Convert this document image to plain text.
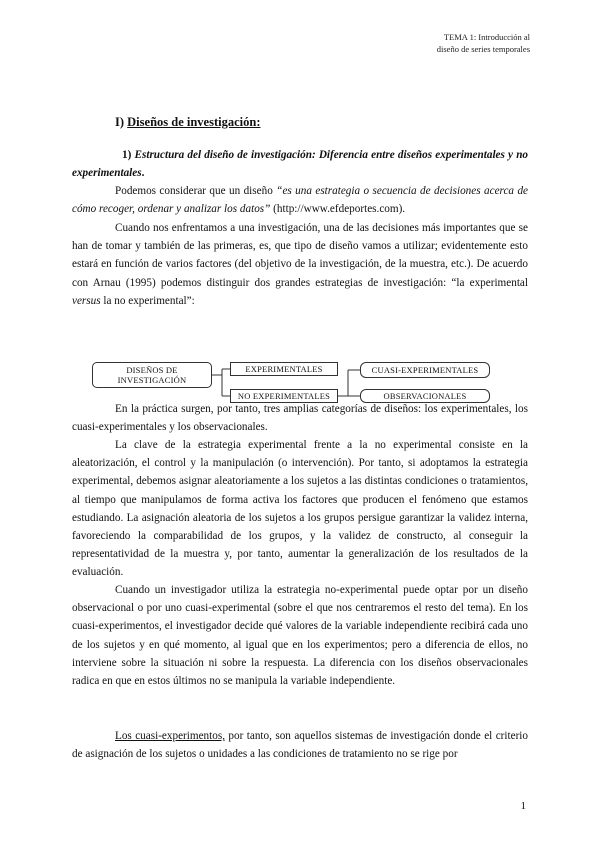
TEMA 1: Introducción al
diseño de series temporales
I) Diseños de investigación:

1) Estructura del diseño de investigación: Diferencia entre diseños experimentales y no experimentales.

Podemos considerar que un diseño “es una estrategia o secuencia de decisiones acerca de cómo recoger, ordenar y analizar los datos” (http://www.efdeportes.com).

Cuando nos enfrentamos a una investigación, una de las decisiones más importantes que se han de tomar y también de las primeras, es, que tipo de diseño vamos a utilizar; evidentemente esto estará en función de varios factores (del objetivo de la investigación, de la muestra, etc.). De acuerdo con Arnau (1995) podemos distinguir dos grandes estrategias de investigación: “la experimental versus la no experimental”:

DISEÑOS DE INVESTIGACIÓN
EXPERIMENTALES
NO EXPERIMENTALES
CUASI-EXPERIMENTALES
OBSERVACIONALES

En la práctica surgen, por tanto, tres amplias categorías de diseños: los experimentales, los cuasi-experimentales y los observacionales.

La clave de la estrategia experimental frente a la no experimental consiste en la aleatorización, el control y la manipulación (o intervención). Por tanto, si adoptamos la estrategia experimental, debemos asignar aleatoriamente a los sujetos a las distintas condiciones o tratamientos, al tiempo que manipulamos de forma activa los factores que producen el fenómeno que estamos estudiando. La asignación aleatoria de los sujetos a los grupos persigue garantizar la validez interna, favoreciendo la comparabilidad de los grupos, y la validez de constructo, al conseguir la representatividad de la muestra y, por tanto, aumentar la generalización de los resultados de la evaluación.

Cuando un investigador utiliza la estrategia no-experimental puede optar por un diseño observacional o por uno cuasi-experimental (sobre el que nos centraremos el resto del tema). En los cuasi-experimentos, el investigador decide qué valores de la variable independiente recibirá cada uno de los sujetos y en qué momento, al igual que en los experimentos; pero a diferencia de ellos, no interviene sobre la situación ni sobre la respuesta. La diferencia con los diseños observacionales radica en que en estos últimos no se manipula la variable independiente.

Los cuasi-experimentos, por tanto, son aquellos sistemas de investigación donde el criterio de asignación de los sujetos o unidades a las condiciones de tratamiento no se rige por

1
